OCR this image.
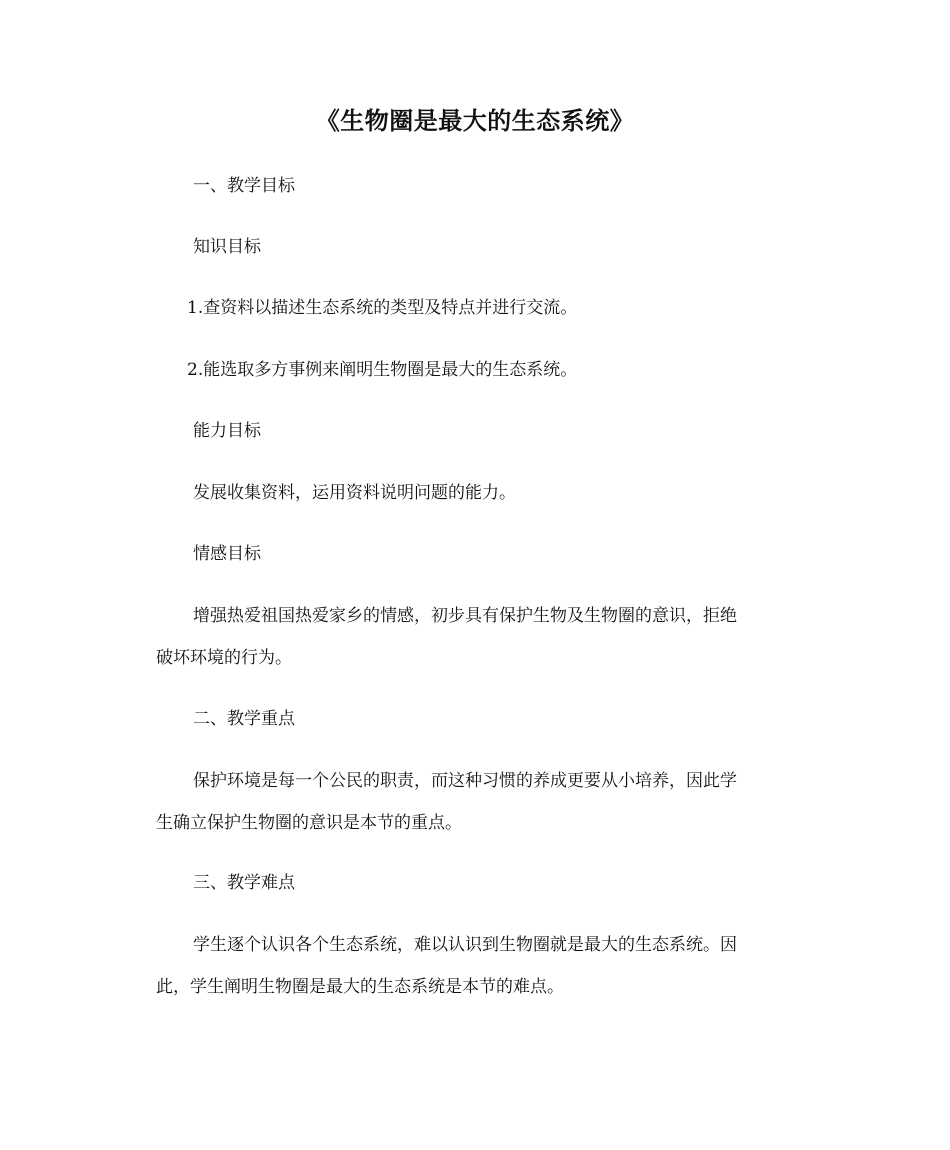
《生物圈是最大的生态系统》
一、教学目标
知识目标
1.查资料以描述生态系统的类型及特点并进行交流。
2.能选取多方事例来阐明生物圈是最大的生态系统。
能力目标
发展收集资料，运用资料说明问题的能力。
情感目标
增强热爱祖国热爱家乡的情感，初步具有保护生物及生物圈的意识，拒绝
破坏环境的行为。
二、教学重点
保护环境是每一个公民的职责，而这种习惯的养成更要从小培养，因此学
生确立保护生物圈的意识是本节的重点。
三、教学难点
学生逐个认识各个生态系统，难以认识到生物圈就是最大的生态系统。因
此，学生阐明生物圈是最大的生态系统是本节的难点。
